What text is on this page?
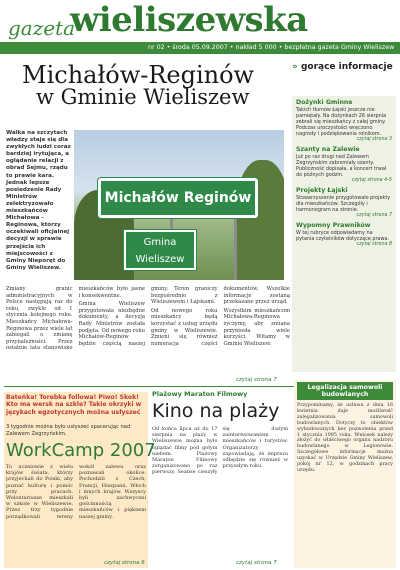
gazeta
wieliszewska
nr 02 • środa 05.09.2007 • nakład 5 000 • bezpłatna gazeta Gminy Wieliszew
Michałów-Reginów
w Gminie Wieliszew
Walka na szczytach władzy staje się dla zwykłych ludzi coraz bardziej irytująca, a oglądanie relacji z obrad Sejmu, rządu to prawie kara. Jednak lepsze posiedzenie Rady Ministrów zelektryzowało mieszkańców Michałowa - Reginowa, którzy oczekiwali oficjalnej decyzji w sprawie przejścia ich miejscowości z Gminy Nieporęt do Gminy Wieliszew.
Michałów Reginów
Gmina
Wieliszew

Zmiany granic administracyjnych w Polsce następują raz do roku, zwykle od 1 stycznia kolejnego roku. Mieszkańcy Michałowa-Reginowa przez wiele lat zabiegali o zmianę przynależności. Przez ostatnie lata stanowisko mieszkańców było jasne i konsekwentne.

Gmina Wieliszew przygotowała niezbędne dokumenty, a decyzja Rady Ministrów została podjęta. Od nowego roku Michałów-Reginów będzie częścią naszej gminy. Teren graniczy bezpośrednio z Wieliszewem i Łajskami.

Od nowego roku mieszkańcy będą korzystać z usług urzędu gminy w Wieliszewie. Zmieni się również numeracja części dokumentów. Wszelkie informacje zostaną przekazane przez urząd.

Wszystkim mieszkańcom Michałowa-Reginowa życzymy, aby zmiana przyniosła wiele korzyści. Witamy w Gminie Wieliszew.

czytaj strona 7
» gorące informacje
Dożynki Gminne
Takich tłumów Łajski jeszcze nie pamiętały. Na dożynkach 26 sierpnia zebrali się mieszkańcy z całej gminy. Podczas uroczystości wręczono nagrody i podziękowania rolnikom.
czytaj strona 3
Szanty na Zalewie
Już po raz drugi nad Zalewem Zegrzyńskim zabrzmiały szanty. Publiczność dopisała, a koncert trwał do późnych godzin.
czytaj strona 4-5
Projekty Łąjski
Stowarzyszenie przygotowało projekty dla mieszkańców. Szczegóły i harmonogram na stronie.
czytaj strona 7
Wypomny Prawników
W tej rubryce odpowiadamy na pytania czytelników dotyczące prawa.
czytaj strona 8
Bateńka! Torebka followa! Piwo! Skok! Kto ma wersk na szkle? Takie okrzyki w językach egzotycznych można usłyszeć
3 tygodnie można było usłyszeć spacerując nad Zalewem Zegrzyńskim.
WorkCamp 2007
To uczniowie z wielu krajów świata, którzy przyjechali do Polski, aby poznać kulturę i pomóc przy pracach. Wolontariusze mieszkali w szkole w Wieliszewie. Przez trzy tygodnie porządkowali tereny wokół zalewu oraz poznawali okolice. Pochodzili z Czech, Francji, Hiszpanii, Włoch i innych krajów. Wszyscy byli zachwyceni gościnnością mieszkańców i pięknem naszej gminy.
czytaj strona 6
Plażowy Maraton Filmowy
Kino na plaży
Od końca lipca aż do 17 sierpnia na plaży w Wieliszewie można było oglądać filmy pod gołym niebem. Plażowy Maraton Filmowy zorganizowano po raz pierwszy. Seanse cieszyły się dużym zainteresowaniem mieszkańców i turystów. Organizatorzy zapowiadają, że impreza odbędzie się również w przyszłym roku.
czytaj strona 7
Legalizacja samowoli budowlanych
Przypominamy, że ustawa z dnia 16 kwietnia daje możliwość zalegalizowania samowoli budowlanych. Dotyczy to obiektów wybudowanych bez pozwolenia przed 1 stycznia 1995 roku. Wniosek należy złożyć do właściwego organu nadzoru budowlanego w Legionowie. Szczegółowe informacje można uzyskać w Urzędzie Gminy Wieliszew, pokój nr 12, w godzinach pracy urzędu.
